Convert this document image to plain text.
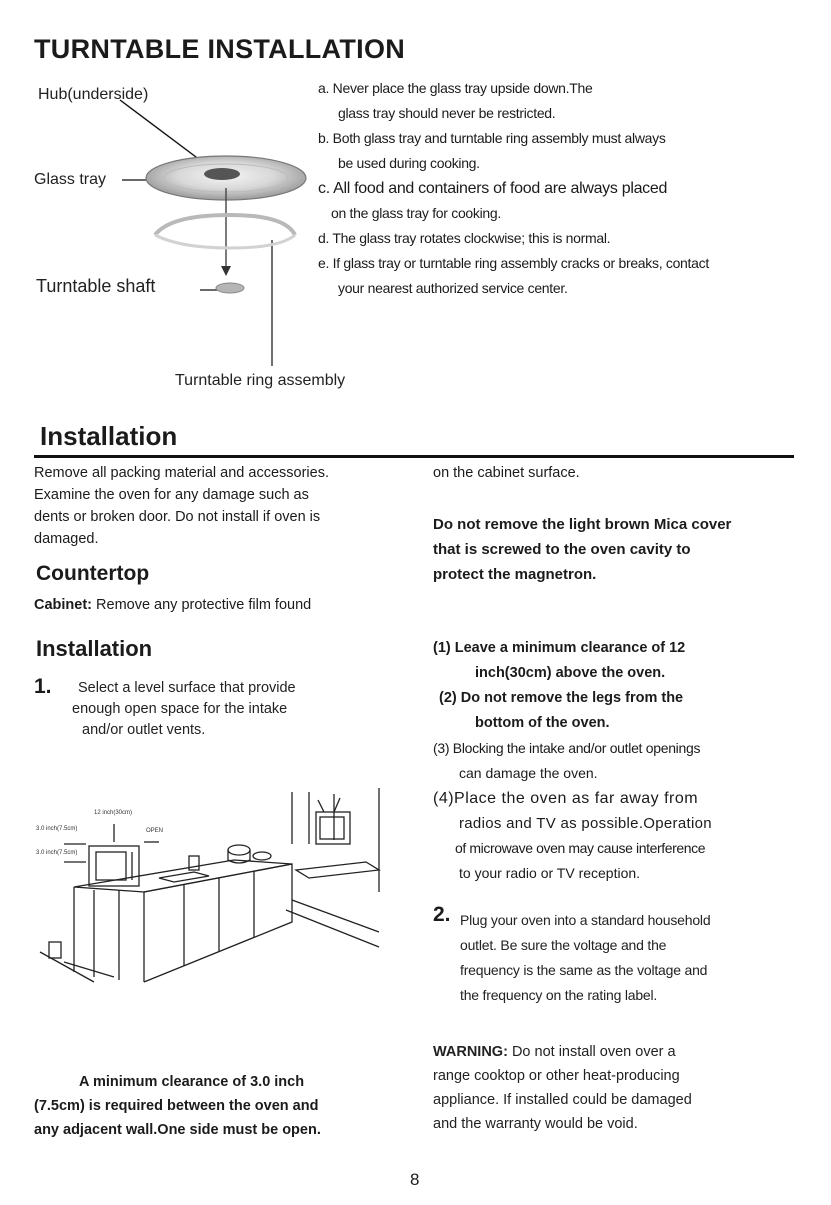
TURNTABLE INSTALLATION
Hub(underside)
Glass tray
Turntable shaft
Turntable ring assembly

a. Never place the glass tray upside down.The

glass tray should never be restricted.

b. Both glass tray and turntable ring assembly must always

be used during cooking.

c. All food and containers of food are always placed

on the glass tray for cooking.

d. The glass tray rotates clockwise; this is normal.

e. If glass tray or turntable ring assembly cracks or breaks, contact

your nearest authorized service center.

Installation
Remove all packing material and accessories.
Examine the oven for any damage such as
dents or broken door. Do not install if oven is
damaged.
Countertop
Cabinet: Remove any protective film found
Installation
1.	Select a level surface that provide
enough open space for the intake
and/or outlet vents.
12 inch(30cm)
3.0 inch(7.5cm)	OPEN
3.0 inch(7.5cm)
A minimum clearance of 3.0 inch
(7.5cm) is required between the oven and
any adjacent wall.One side must be open.
on the cabinet surface.
Do not remove the light brown Mica cover
that is screwed to the oven cavity to
protect the magnetron.

(1) Leave a minimum clearance of 12

inch(30cm) above the oven.

(2) Do not remove the legs from the

bottom of the oven.

(3) Blocking the intake and/or outlet openings

can damage the oven.

(4)Place the oven as far away from

radios and TV as possible.Operation

of microwave oven may cause interference

to your radio or TV reception.

2. Plug your oven into a standard household
outlet. Be sure the voltage and the
frequency is the same as the voltage and
the frequency on the rating label.
WARNING: Do not install oven over a
range cooktop or other heat-producing
appliance. If installed could be damaged
and the warranty would be void.
8
